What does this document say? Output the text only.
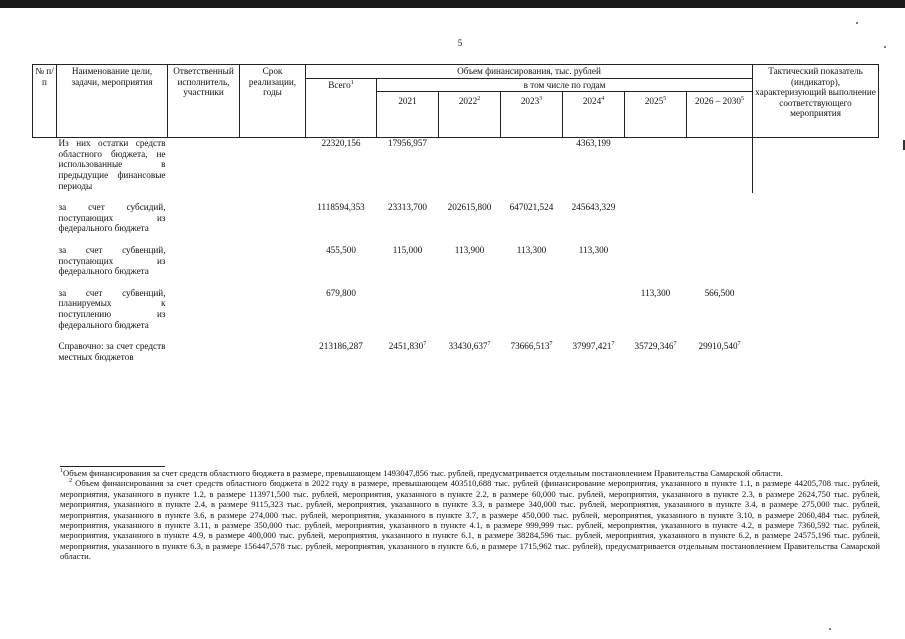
5
№ п/п	Наименование цели, задачи, мероприятия	Ответственный исполнитель, участники	Срок реализации, годы	Объем финансирования, тыс. рублей							Тактический показатель (индикатор), характеризующий выполнение соответствующего мероприятия
				Всего$^1$	в том числе по годам						
					2021	2022$^2$	2023$^3$	2024$^4$	2025$^5$	2026 – 2030$^5$
	Из них остатки средств областного бюджета, не использованные в предыдущие финансовые периоды			22320,156	17956,957			4363,199			

	за счет субсидий, поступающих из федерального бюджета			1118594,353	23313,700	202615,800	647021,524	245643,329			

	за счет субвенций, поступающих из федерального бюджета			455,500	115,000	113,900	113,300	113,300			

	за счет субвенций, планируемых к поступлению из федерального бюджета			679,800					113,300	566,500	

	Справочно: за счет средств местных бюджетов			213186,287	2451,830$^7$	33430,637$^7$	73666,513$^7$	37997,421$^7$	35729,346$^7$	29910,540$^7$	

$^1$Объем финансирования за счет средств областного бюджета в размере, превышающем 1493047,856 тыс. рублей, предусматривается отдельным постановлением Правительства Самарской области.

$^2$ Объем финансирования за счет средств областного бюджета в 2022 году в размере, превышающем 403510,688 тыс. рублей (финансирование мероприятия, указанного в пункте 1.1, в размере 44205,708 тыс. рублей, мероприятия, указанного в пункте 1.2, в размере 113971,500 тыс. рублей, мероприятия, указанного в пункте 2.2, в размере 60,000 тыс. рублей, мероприятия, указанного в пункте 2.3, в размере 2624,750 тыс. рублей, мероприятия, указанного в пункте 2.4, в размере 9115,323 тыс. рублей, мероприятия, указанного в пункте 3.3, в размере 340,000 тыс. рублей, мероприятия, указанного в пункте 3.4, в размере 275,000 тыс. рублей, мероприятия, указанного в пункте 3.6, в размере 274,000 тыс. рублей, мероприятия, указанного в пункте 3.7, в размере 450,000 тыс. рублей, мероприятия, указанного в пункте 3.10, в размере 2060,484 тыс. рублей, мероприятия, указанного в пункте 3.11, в размере 350,000 тыс. рублей, мероприятия, указанного в пункте 4.1, в размере 999,999 тыс. рублей, мероприятия, указанного в пункте 4.2, в размере 7360,592 тыс. рублей, мероприятия, указанного в пункте 4.9, в размере 400,000 тыс. рублей, мероприятия, указанного в пункте 6.1, в размере 38284,596 тыс. рублей, мероприятия, указанного в пункте 6.2, в размере 24575,196 тыс. рублей, мероприятия, указанного в пункте 6.3, в размере 156447,578 тыс. рублей, мероприятия, указанного в пункте 6.6, в размере 1715,962 тыс. рублей), предусматривается отдельным постановлением Правительства Самарской области.
